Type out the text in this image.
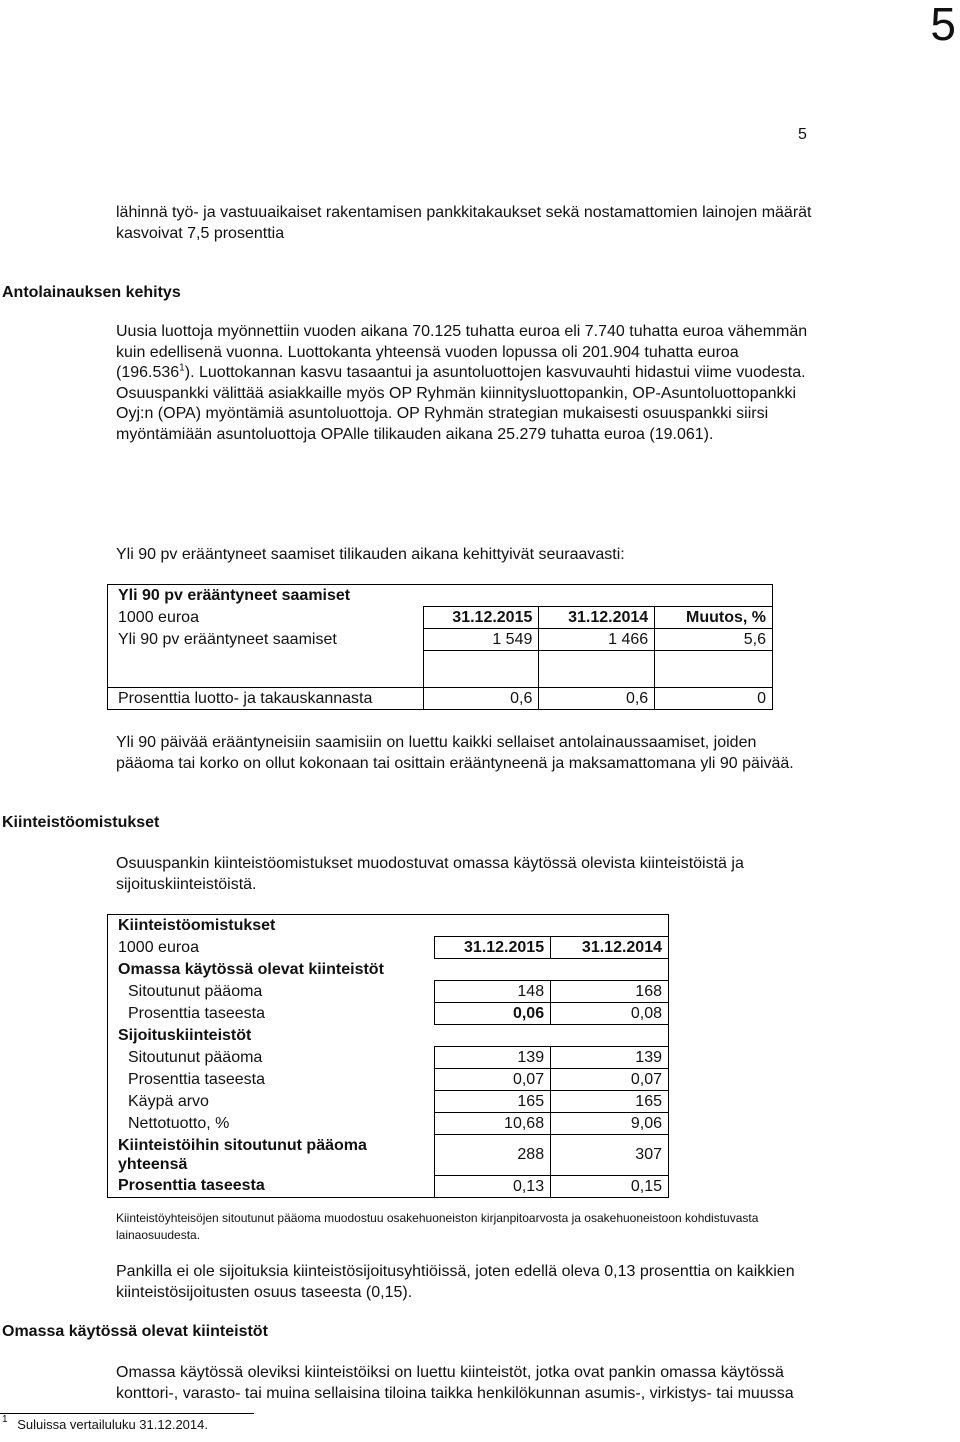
5
5
lähinnä työ- ja vastuuaikaiset rakentamisen pankkitakaukset sekä nostamattomien lainojen määrät
kasvoivat 7,5 prosenttia
Antolainauksen kehitys
Uusia luottoja myönnettiin vuoden aikana 70.125 tuhatta euroa eli 7.740 tuhatta euroa vähemmän
kuin edellisenä vuonna. Luottokanta yhteensä vuoden lopussa oli 201.904 tuhatta euroa
(196.536$^1$). Luottokannan kasvu tasaantui ja asuntoluottojen kasvuvauhti hidastui viime vuodesta.
Osuuspankki välittää asiakkaille myös OP Ryhmän kiinnitysluottopankin, OP-Asuntoluottopankki
Oyj:n (OPA) myöntämiä asuntoluottoja. OP Ryhmän strategian mukaisesti osuuspankki siirsi
myöntämiään asuntoluottoja OPAlle tilikauden aikana 25.279 tuhatta euroa (19.061).
Yli 90 pv erääntyneet saamiset tilikauden aikana kehittyivät seuraavasti:
Yli 90 pv erääntyneet saamiset			
1000 euroa	31.12.2015	31.12.2014	Muutos, %
Yli 90 pv erääntyneet saamiset	1 549	1 466	5,6

Prosenttia luotto- ja takauskannasta	0,6	0,6	0
Yli 90 päivää erääntyneisiin saamisiin on luettu kaikki sellaiset antolainaussaamiset, joiden
pääoma tai korko on ollut kokonaan tai osittain erääntyneenä ja maksamattomana yli 90 päivää.
Kiinteistöomistukset
Osuuspankin kiinteistöomistukset muodostuvat omassa käytössä olevista kiinteistöistä ja
sijoituskiinteistöistä.
Kiinteistöomistukset		
1000 euroa	31.12.2015	31.12.2014
Omassa käytössä olevat kiinteistöt		
Sitoutunut pääoma	148	168
Prosenttia taseesta	0,06	0,08
Sijoituskiinteistöt		
Sitoutunut pääoma	139	139
Prosenttia taseesta	0,07	0,07
Käypä arvo	165	165
Nettotuotto, %	10,68	9,06

Kiinteistöihin sitoutunut pääoma
yhteensä	288	307
Prosenttia taseesta	0,13	0,15
Kiinteistöyhteisöjen sitoutunut pääoma muodostuu osakehuoneiston kirjanpitoarvosta ja osakehuoneistoon kohdistuvasta
lainaosuudesta.
Pankilla ei ole sijoituksia kiinteistösijoitusyhtiöissä, joten edellä oleva 0,13 prosenttia on kaikkien
kiinteistösijoitusten osuus taseesta (0,15).
Omassa käytössä olevat kiinteistöt
Omassa käytössä oleviksi kiinteistöiksi on luettu kiinteistöt, jotka ovat pankin omassa käytössä
konttori-, varasto- tai muina sellaisina tiloina taikka henkilökunnan asumis-, virkistys- tai muussa
$^1$ Suluissa vertailuluku 31.12.2014.
